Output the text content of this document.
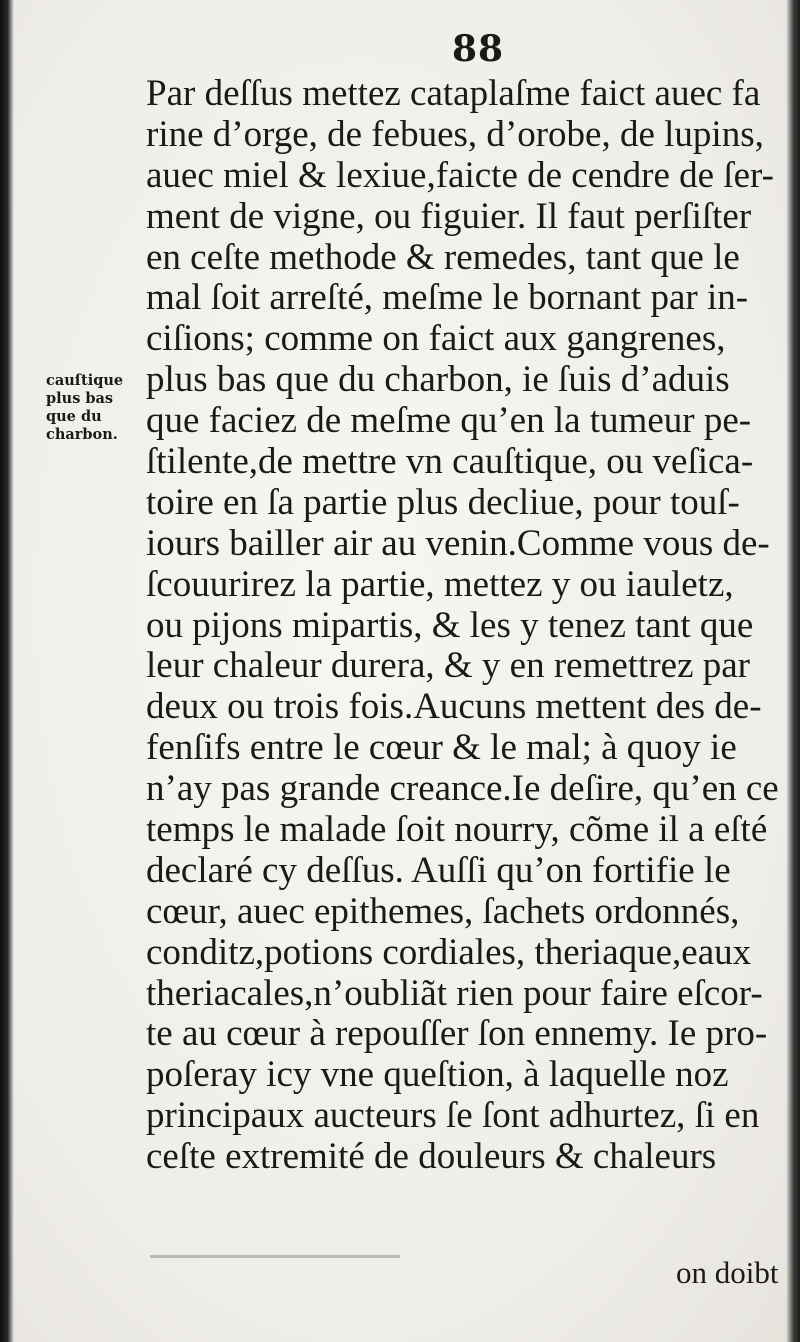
88
cauſtique
plus bas
que du
charbon.
Par deſſus mettez cataplaſme faict auec fa
rine d’orge, de febues, d’orobe, de lupins,
auec miel & lexiue,faicte de cendre de ſer-
ment de vigne, ou figuier. Il faut perſiſter
en ceſte methode & remedes, tant que le
mal ſoit arreſté, meſme le bornant par in-
ciſions; comme on faict aux gangrenes,
plus bas que du charbon, ie ſuis d’aduis
que faciez de meſme qu’en la tumeur pe-
ſtilente,de mettre vn cauſtique, ou veſica-
toire en ſa partie plus decliue, pour touſ-
iours bailler air au venin.Comme vous de-
ſcouurirez la partie, mettez y ou iauletz,
ou pijons mipartis, & les y tenez tant que
leur chaleur durera, & y en remettrez par
deux ou trois fois.Aucuns mettent des de-
fenſifs entre le cœur & le mal; à quoy ie
n’ay pas grande creance.Ie deſire, qu’en ce
temps le malade ſoit nourry, cõme il a eſté
declaré cy deſſus. Auſſi qu’on fortifie le
cœur, auec epithemes, ſachets ordonnés,
conditz,potions cordiales, theriaque,eaux
theriacales,n’oubliãt rien pour faire eſcor-
te au cœur à repouſſer ſon ennemy. Ie pro-
poſeray icy vne queſtion, à laquelle noz
principaux aucteurs ſe ſont adhurtez, ſi en
ceſte extremité de douleurs & chaleurs
on doibt
